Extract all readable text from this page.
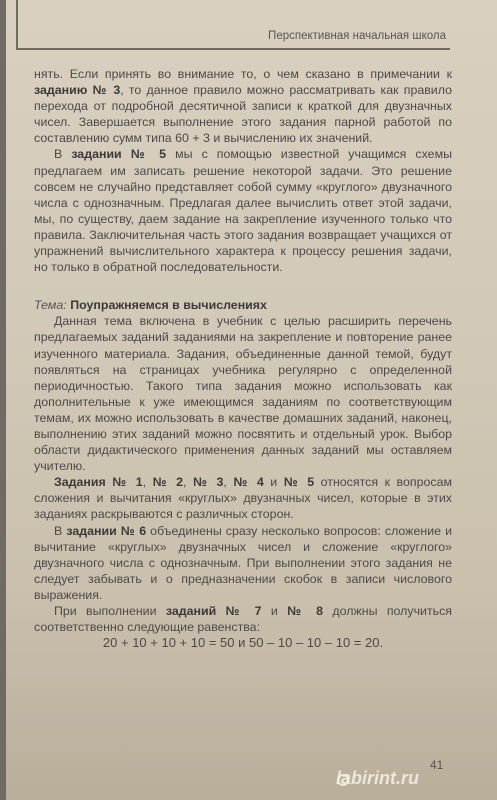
Перспективная начальная школа

нять. Если принять во внимание то, о чем сказано в примечании к заданию № 3, то данное правило можно рассматривать как правило перехода от подробной десятичной записи к краткой для двузначных чисел. Завершается выполнение этого задания парной работой по составлению сумм типа 60 + 3 и вычислению их значений.

В задании № 5 мы с помощью известной учащимся схемы предлагаем им записать решение некоторой задачи. Это решение совсем не случайно представляет собой сумму «круглого» двузначного числа с однозначным. Предлагая далее вычислить ответ этой задачи, мы, по существу, даем задание на закрепление изученного только что правила. Заключительная часть этого задания возвращает учащихся от упражнений вычислительного характера к процессу решения задачи, но только в обратной последовательности.

Тема: Поупражняемся в вычислениях

Данная тема включена в учебник с целью расширить перечень предлагаемых заданий заданиями на закрепление и повторение ранее изученного материала. Задания, объединенные данной темой, будут появляться на страницах учебника регулярно с определенной периодичностью. Такого типа задания можно использовать как дополнительные к уже имеющимся заданиям по соответствующим темам, их можно использовать в качестве домашних заданий, наконец, выполнению этих заданий можно посвятить и отдельный урок. Выбор области дидактического применения данных заданий мы оставляем учителю.

Задания № 1, № 2, № 3, № 4 и № 5 относятся к вопросам сложения и вычитания «круглых» двузначных чисел, которые в этих заданиях раскрываются с различных сторон.

В задании № 6 объединены сразу несколько вопросов: сложение и вычитание «круглых» двузначных чисел и сложение «круглого» двузначного числа с однозначным. При выполнении этого задания не следует забывать и о предназначении скобок в записи числового выражения.

При выполнении заданий № 7 и № 8 должны получиться соответственно следующие равенства:

20 + 10 + 10 + 10 = 50 и 50 – 10 – 10 – 10 = 20.

41
labirint.ru
